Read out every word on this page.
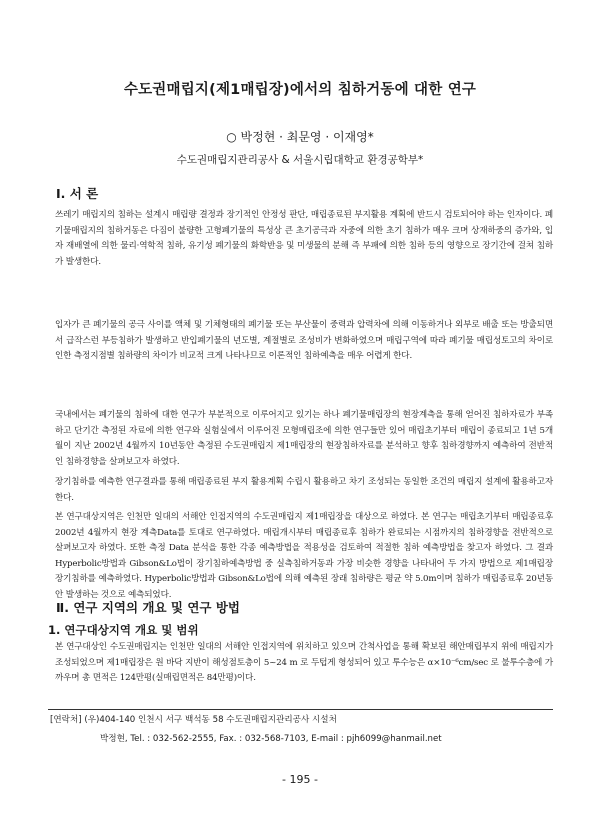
수도권매립지(제1매립장)에서의 침하거동에 대한 연구
○ 박정현 · 최문영 · 이재영*
수도권매립지관리공사 & 서울시립대학교 환경공학부*
Ⅰ. 서 론

쓰레기 매립지의 침하는 설계시 매립량 결정과 장기적인 안정성 판단, 매립종료된 부지활용 계획에 반드시 검토되어야 하는 인자이다. 폐기물매립지의 침하거동은 다짐이 불량한 고형폐기물의 특성상 큰 초기공극과 자중에 의한 초기 침하가 매우 크며 상재하중의 증가와, 입자 재배열에 의한 물리·역학적 침하, 유기성 폐기물의 화학반응 및 미생물의 분해 즉 부패에 의한 침하 등의 영향으로 장기간에 걸쳐 침하가 발생한다.

입자가 큰 폐기물의 공극 사이를 액체 및 기체형태의 폐기물 또는 부산물이 중력과 압력차에 의해 이동하거나 외부로 배출 또는 방출되면서 급작스런 부등침하가 발생하고 반입폐기물의 년도별, 계절별로 조성비가 변화하였으며 매립구역에 따라 폐기물 매립성토고의 차이로 인한 측정지점별 침하량의 차이가 비교적 크게 나타나므로 이론적인 침하예측을 매우 어렵게 한다.

국내에서는 폐기물의 침하에 대한 연구가 부분적으로 이루어지고 있기는 하나 폐기물매립장의 현장계측을 통해 얻어진 침하자료가 부족하고 단기간 측정된 자료에 의한 연구와 실험실에서 이루어진 모형매립조에 의한 연구들만 있어 매립초기부터 매립이 종료되고 1년 5개월이 지난 2002년 4월까지 10년동안 측정된 수도권매립지 제1매립장의 현장침하자료를 분석하고 향후 침하경향까지 예측하여 전반적인 침하경향을 살펴보고자 하였다.

장기침하를 예측한 연구결과를 통해 매립종료된 부지 활용계획 수립시 활용하고 차기 조성되는 동일한 조건의 매립지 설계에 활용하고자 한다.

본 연구대상지역은 인천만 일대의 서해안 인접지역의 수도권매립지 제1매립장을 대상으로 하였다. 본 연구는 매립초기부터 매립종료후 2002년 4월까지 현장 계측Data를 토대로 연구하였다. 매립개시부터 매립종료후 침하가 완료되는 시점까지의 침하경향을 전반적으로 살펴보고자 하였다. 또한 측정 Data 분석을 통한 각종 예측방법을 적용성을 검토하여 적절한 침하 예측방법을 찾고자 하였다. 그 결과 Hyperbolic방법과 Gibson&Lo법이 장기침하예측방법 중 실측침하거동과 가장 비슷한 경향을 나타내어 두 가지 방법으로 제1매립장 장기침하를 예측하였다. Hyperbolic방법과 Gibson&Lo법에 의해 예측된 장래 침하량은 평균 약 5.0m이며 침하가 매립종료후 20년동안 발생하는 것으로 예측되었다.

Ⅱ. 연구 지역의 개요 및 연구 방법
1. 연구대상지역 개요 및 범위

본 연구대상인 수도권매립지는 인천만 일대의 서해안 인접지역에 위치하고 있으며 간척사업을 통해 확보된 해안매립부지 위에 매립지가 조성되었으며 제1매립장은 원 바닥 지반이 해성점토층이 5~24 m 로 두텁게 형성되어 있고 투수능은 α×10⁻⁶cm/sec 로 불투수층에 가까우며 총 면적은 124만평(실매립면적은 84만평)이다.

[연락처] (우)404-140 인천시 서구 백석동 58 수도권매립지관리공사 시설처
박정현, Tel. : 032-562-2555, Fax. : 032-568-7103, E-mail : pjh6099@hanmail.net
- 195 -
